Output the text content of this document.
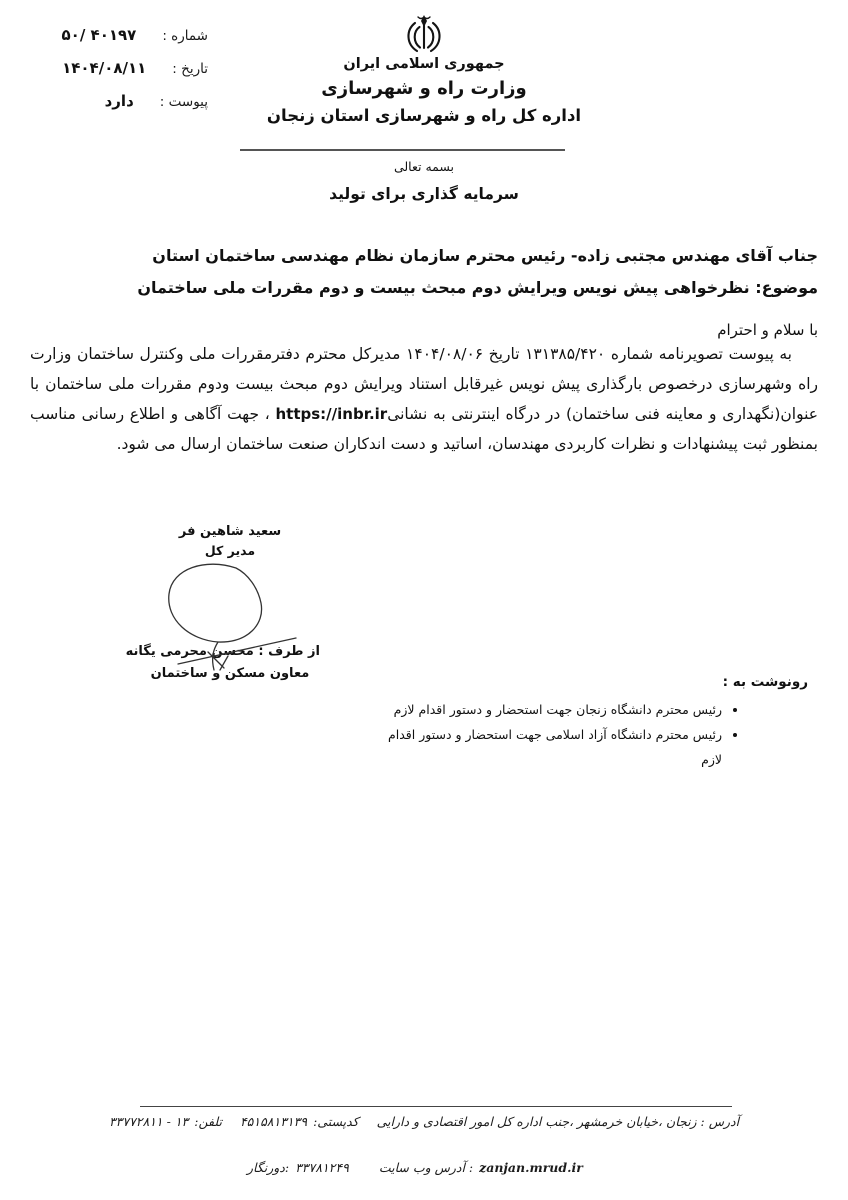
شماره :
۵۰/ ۴۰۱۹۷
تاریخ :
۱۴۰۴/۰۸/۱۱
پیوست :
دارد
جمهوری اسلامی ایران
وزارت راه و شهرسازی
اداره کل راه و شهرسازی استان زنجان
بسمه تعالی
سرمایه گذاری برای تولید
جناب آقای مهندس مجتبی زاده- رئیس محترم سازمان نظام مهندسی ساختمان استان
موضوع: نظرخواهی پیش نویس ویرایش دوم مبحث بیست و دوم مقررات ملی ساختمان
با سلام و احترام

به پیوست تصویرنامه شماره ۱۳۱۳۸۵/۴۲۰ تاریخ ۱۴۰۴/۰۸/۰۶ مدیرکل محترم دفترمقررات ملی وکنترل ساختمان وزارت راه وشهرسازی درخصوص بارگذاری پیش نویس غیرقابل استناد ویرایش دوم مبحث بیست ودوم مقررات ملی ساختمان با عنوان(نگهداری و معاینه فنی ساختمان) در درگاه اینترنتی به نشانیhttps://inbr.ir ، جهت آگاهی و اطلاع رسانی مناسب بمنظور ثبت پیشنهادات و نظرات کاربردی مهندسان، اساتید و دست اندکاران صنعت ساختمان ارسال می شود.

سعید شاهین فر
مدیر کل
از طرف : محسن محرمی یگانه
معاون مسکن و ساختمان
رونوشت به :
• رئیس محترم دانشگاه زنجان جهت استحضار و دستور اقدام لازم
• رئیس محترم دانشگاه آزاد اسلامی جهت استحضار و دستور اقدام لازم
آدرس : زنجان ،خیابان خرمشهر ،جنب اداره کل امور اقتصادی و دارایی
کدپستی:
۴۵۱۵۸۱۳۱۳۹
تلفن:
۱۳ - ۳۳۷۷۲۸۱۱
دورنگار: ۳۳۷۸۱۲۴۹ آدرس وب سایت : zanjan.mrud.ir
